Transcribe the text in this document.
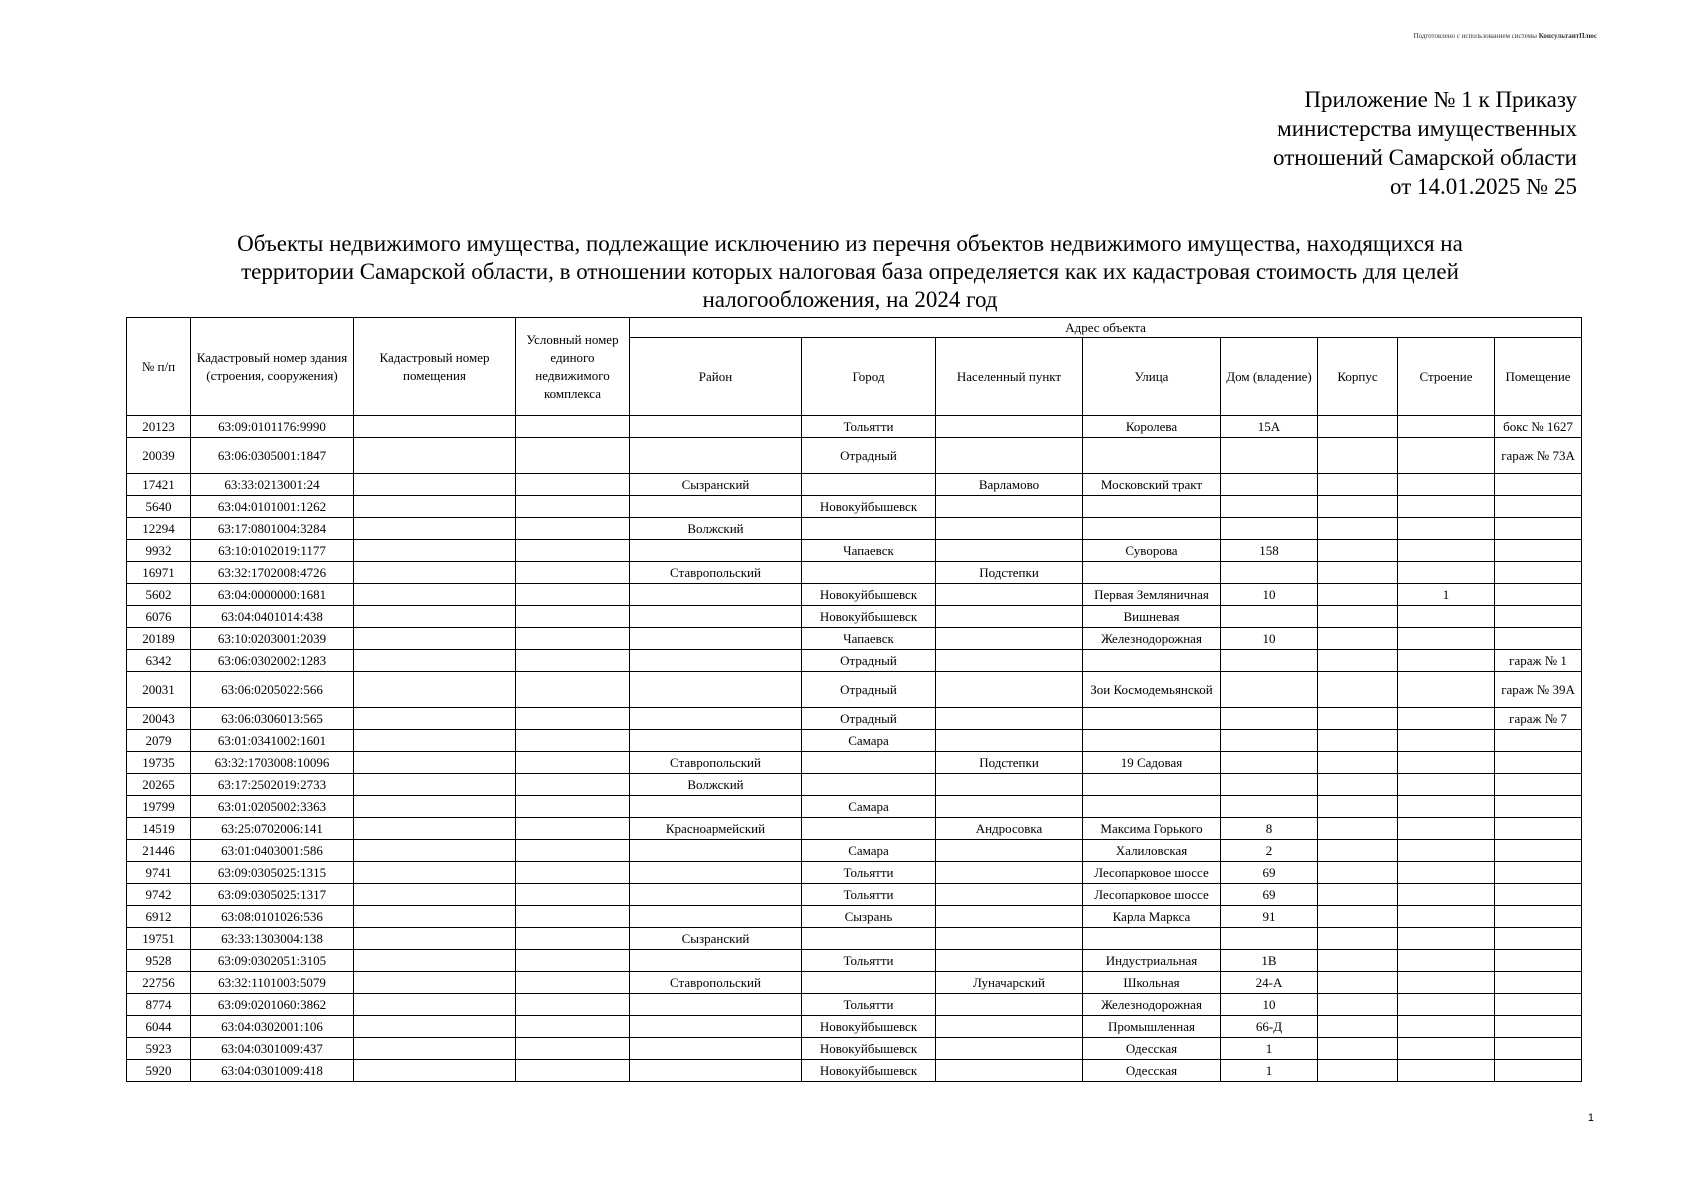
Подготовлено с использованием системы КонсультантПлюс
Приложение № 1 к Приказу
министерства имущественных
отношений Самарской области
от 14.01.2025 № 25
Объекты недвижимого имущества, подлежащие исключению из перечня объектов недвижимого имущества, находящихся на
территории Самарской области, в отношении которых налоговая база определяется как их кадастровая стоимость для целей
налогообложения, на 2024 год
№ п/п	Кадастровый номер здания (строения, сооружения)	Кадастровый номер помещения	Условный номер единого недвижимого комплекса	Адрес объекта							
				Район	Город	Населенный пункт	Улица	Дом (владение)	Корпус	Строение	Помещение
20123	63:09:0101176:9990				Тольятти		Королева	15А			бокс № 1627
20039	63:06:0305001:1847				Отрадный						гараж № 73А
17421	63:33:0213001:24			Сызранский		Варламово	Московский тракт				
5640	63:04:0101001:1262				Новокуйбышевск						
12294	63:17:0801004:3284			Волжский							
9932	63:10:0102019:1177				Чапаевск		Суворова	158			
16971	63:32:1702008:4726			Ставропольский		Подстепки					
5602	63:04:0000000:1681				Новокуйбышевск		Первая Земляничная	10		1	
6076	63:04:0401014:438				Новокуйбышевск		Вишневая				
20189	63:10:0203001:2039				Чапаевск		Железнодорожная	10			
6342	63:06:0302002:1283				Отрадный						гараж № 1
20031	63:06:0205022:566				Отрадный		Зои Космодемьянской				гараж № 39А
20043	63:06:0306013:565				Отрадный						гараж № 7
2079	63:01:0341002:1601				Самара						
19735	63:32:1703008:10096			Ставропольский		Подстепки	19 Садовая				
20265	63:17:2502019:2733			Волжский							
19799	63:01:0205002:3363				Самара						
14519	63:25:0702006:141			Красноармейский		Андросовка	Максима Горького	8			
21446	63:01:0403001:586				Самара		Халиловская	2			
9741	63:09:0305025:1315				Тольятти		Лесопарковое шоссе	69			
9742	63:09:0305025:1317				Тольятти		Лесопарковое шоссе	69			
6912	63:08:0101026:536				Сызрань		Карла Маркса	91			
19751	63:33:1303004:138			Сызранский							
9528	63:09:0302051:3105				Тольятти		Индустриальная	1В			
22756	63:32:1101003:5079			Ставропольский		Луначарский	Школьная	24-А			
8774	63:09:0201060:3862				Тольятти		Железнодорожная	10			
6044	63:04:0302001:106				Новокуйбышевск		Промышленная	66-Д			
5923	63:04:0301009:437				Новокуйбышевск		Одесская	1			
5920	63:04:0301009:418				Новокуйбышевск		Одесская	1			
1
